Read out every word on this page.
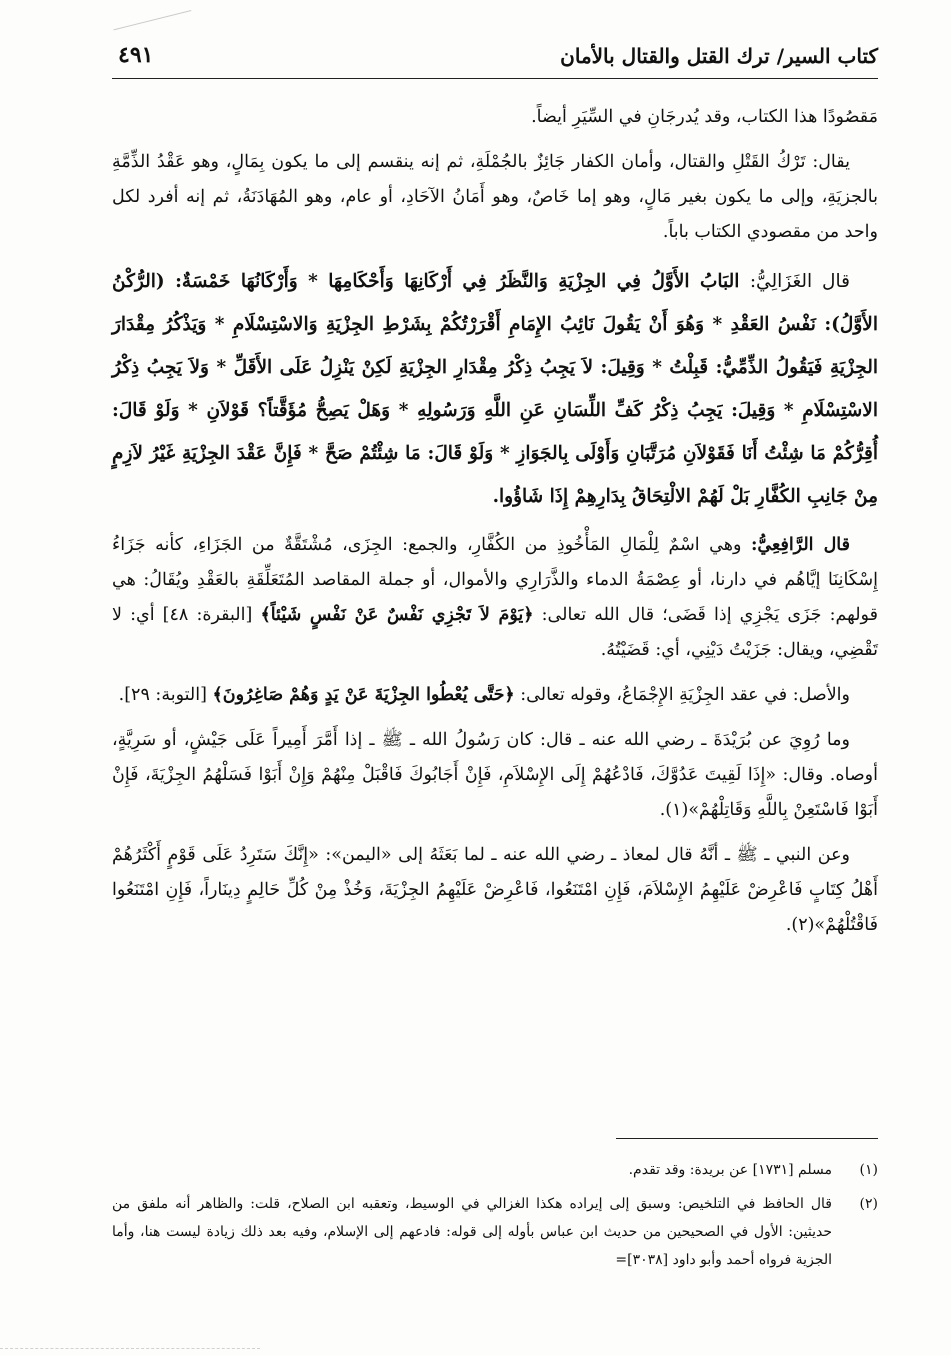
كتاب السير/ ترك القتل والقتال بالأمان
٤٩١

مَقصُودًا هذا الكتاب، وقد يُدرجَانِ في السِّيَرِ أيضاً.

يقال: تَرْكُ القَتْلِ والقتال، وأمان الكفار جَائِزٌ بالجُمْلَةِ، ثم إنه ينقسم إلى ما يكون بِمَالٍ، وهو عَقْدُ الذِّمَّةِ بالجزيَةِ، وإلى ما يكون بغير مَالٍ، وهو إما خَاصٌ، وهو أَمَانُ الآحَادِ، أو عام، وهو المُهَادَنَةُ، ثم إنه أفرد لكل واحد من مقصودي الكتاب باباً.

قال الغَزَالِيُّ: البَابُ الأَوَّلُ فِي الجِزْيَةِ وَالنَّظَرُ فِي أَرْكَانِهَا وَأَحْكَامِهَا * وَأَرْكَانُهَا خَمْسَةٌ: (الرُّكْنُ الأَوَّلُ): نَفْسُ العَقْدِ * وَهُوَ أَنْ يَقُولَ نَائِبُ الإِمَامِ أَقْرَرْتُكُمْ بِشَرْطِ الجِزْيَةِ وَالاسْتِسْلَامِ * وَيَذْكُرُ مِقْدَارَ الجِزْيَةِ فَيَقُولُ الذِّمِّيُّ: قَبِلْتُ * وَقِيلَ: لاَ يَجِبُ ذِكْرُ مِقْدَارِ الجِزْيَةِ لَكِنْ يَنْزِلُ عَلَى الأَقَلِّ * وَلاَ يَجِبُ ذِكْرُ الاسْتِسْلَامِ * وَقِيلَ: يَجِبُ ذِكْرُ كَفِّ اللِّسَانِ عَنِ اللَّهِ وَرَسُولِهِ * وَهَلْ يَصِحُّ مُؤَقَّتاً؟ قَوْلاَنِ * وَلَوْ قَالَ: أُقِرُّكُمْ مَا شِئْتُ أَنَا فَقَوْلاَنِ مُرَتَّبَانِ وَأَوْلَى بِالجَوَازِ * وَلَوْ قَالَ: مَا شِئْتُمْ صَحَّ * فَإِنَّ عَقْدَ الجِزْيَةِ غَيْرُ لاَزِمٍ مِنْ جَانِبِ الكُفَّارِ بَلْ لَهُمْ الالْتِحَاقُ بِدَارِهِمْ إِذَا شَاؤُوا.

قال الرَّافِعِيُّ: وهي اسْمٌ لِلْمَالِ المَأْخُوذِ من الكُفَّارِ، والجمع: الجِزَى، مُشْتَقَّةٌ من الجَزَاءِ، كأنه جَزَاءُ إِسْكَانِنَا إيَّاهُم في دارنا، أو عِصْمَةُ الدماء والذَّرَارِي والأموال، أو جملة المقاصد المُتَعَلِّقَةِ بالعَقْدِ ويُقَالُ: هي قولهم: جَزَى يَجْزِي إذا قَضَى؛ قال الله تعالى: ﴿يَوْمَ لاَ تَجْزِي نَفْسٌ عَنْ نَفْسٍ شَيْئاً﴾ [البقرة: ٤٨] أي: لا تَقْضِي، ويقال: جَزَيْتُ دَيْنِي، أي: قَضَيْتُهُ.

والأصل: في عقد الجِزْيَةِ الإِجْمَاعُ، وقوله تعالى: ﴿حَتَّى يُعْطُوا الجِزْيَةَ عَنْ يَدٍ وَهُمْ صَاغِرُونَ﴾ [التوبة: ٢٩].

وما رُوِيَ عن بُرَيْدَةَ ـ رضي الله عنه ـ قال: كان رَسُولُ الله ـ ﷺ ـ إذا أَمَّرَ أَمِيراً عَلَى جَيْشٍ، أو سَرِيَّةٍ، أوصاه. وقال: «إِذَا لَقِيتَ عَدُوَّكَ، فَادْعُهُمْ إِلَى الإِسْلاَمِ، فَإِنْ أَجَابُوكَ فَاقْبَلْ مِنْهُمْ وَإِنْ أَبَوْا فَسَلْهُمُ الجِزْيَةَ، فَإِنْ أَبَوْا فَاسْتَعِنْ بِاللَّهِ وَقَاتِلْهُمْ»(١).

وعن النبي ـ ﷺ ـ أنَّهُ قال لمعاذ ـ رضي الله عنه ـ لما بَعَثَهُ إلى «اليمن»: «إِنَّكَ سَتَرِدُ عَلَى قَوْمٍ أَكْثَرُهُمْ أَهْلُ كِتَابٍ فَاعْرِضْ عَلَيْهِمُ الإِسْلاَمَ، فَإِنِ امْتَنَعُوا، فَاعْرِضْ عَلَيْهِمُ الجِزْيَةَ، وَخُذْ مِنْ كُلِّ حَالِمٍ دِينَاراً، فَإِنِ امْتَنَعُوا فَاقْتُلْهُمْ»(٢).

(١)
مسلم [١٧٣١] عن بريدة: وقد تقدم.
(٢)
قال الحافظ في التلخيص: وسبق إلى إيراده هكذا الغزالي في الوسيط، وتعقبه ابن الصلاح، قلت: والظاهر أنه ملفق من حديثين: الأول في الصحيحين من حديث ابن عباس بأوله إلى قوله: فادعهم إلى الإسلام، وفيه بعد ذلك زيادة ليست هنا، وأما الجزية فرواه أحمد وأبو داود [٣٠٣٨]=
